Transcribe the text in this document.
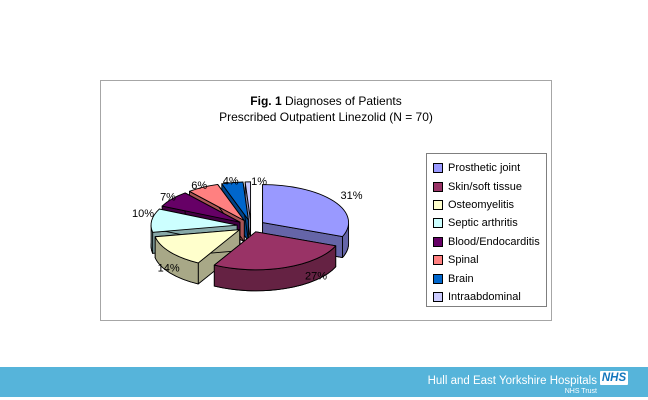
Fig. 1 Diagnoses of Patients
Prescribed Outpatient Linezolid (N = 70)
31%
27%
14%
10%
7%
6% 4% 1%
Prosthetic joint
Skin/soft tissue
Osteomyelitis
Septic arthritis
Blood/Endocarditis
Spinal
Brain
Intraabdominal
Hull and East Yorkshire Hospitals
NHS Trust
NHS
